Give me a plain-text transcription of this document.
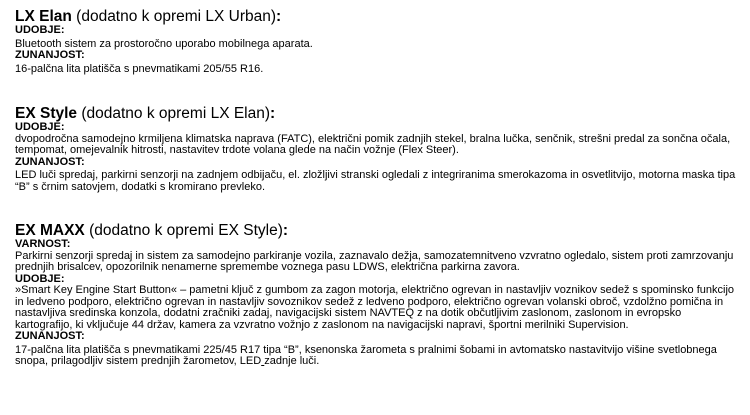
LX Elan (dodatno k opremi LX Urban):
UDOBJE:
Bluetooth sistem za prostoročno uporabo mobilnega aparata.
ZUNANJOST:
16-palčna lita platišča s pnevmatikami 205/55 R16.
EX Style (dodatno k opremi LX Elan):
UDOBJE:
dvopodročna samodejno krmiljena klimatska naprava (FATC), električni pomik zadnjih stekel, bralna lučka, senčnik, strešni predal za sončna očala, tempomat, omejevalnik hitrosti, nastavitev trdote volana glede na način vožnje (Flex Steer).
ZUNANJOST:
LED luči spredaj, parkirni senzorji na zadnjem odbijaču, el. zložljivi stranski ogledali z integriranima smerokazoma in osvetlitvijo, motorna maska tipa “B” s črnim satovjem, dodatki s kromirano prevleko.
EX MAXX (dodatno k opremi EX Style):
VARNOST:
Parkirni senzorji spredaj in sistem za samodejno parkiranje vozila, zaznavalo dežja, samozatemnitveno vzvratno ogledalo, sistem proti zamrzovanju prednjih brisalcev, opozorilnik nenamerne spremembe voznega pasu LDWS, električna parkirna zavora.
UDOBJE:
»Smart Key Engine Start Button« – pametni ključ z gumbom za zagon motorja, električno ogrevan in nastavljiv voznikov sedež s spominsko funkcijo in ledveno podporo, električno ogrevan in nastavljiv sovoznikov sedež z ledveno podporo, električno ogrevan volanski obroč, vzdolžno pomična in nastavljiva sredinska konzola, dodatni zračniki zadaj, navigacijski sistem NAVTEQ z na dotik občutljivim zaslonom, zaslonom in evropsko kartografijo, ki vključuje 44 držav, kamera za vzvratno vožnjo z zaslonom na navigacijski napravi, športni merilniki Supervision.
ZUNANJOST:
17-palčna lita platišča s pnevmatikami 225/45 R17 tipa “B”, ksenonska žarometa s pralnimi šobami in avtomatsko nastavitvijo višine svetlobnega snopa, prilagodljiv sistem prednjih žarometov, LED zadnje luči.
